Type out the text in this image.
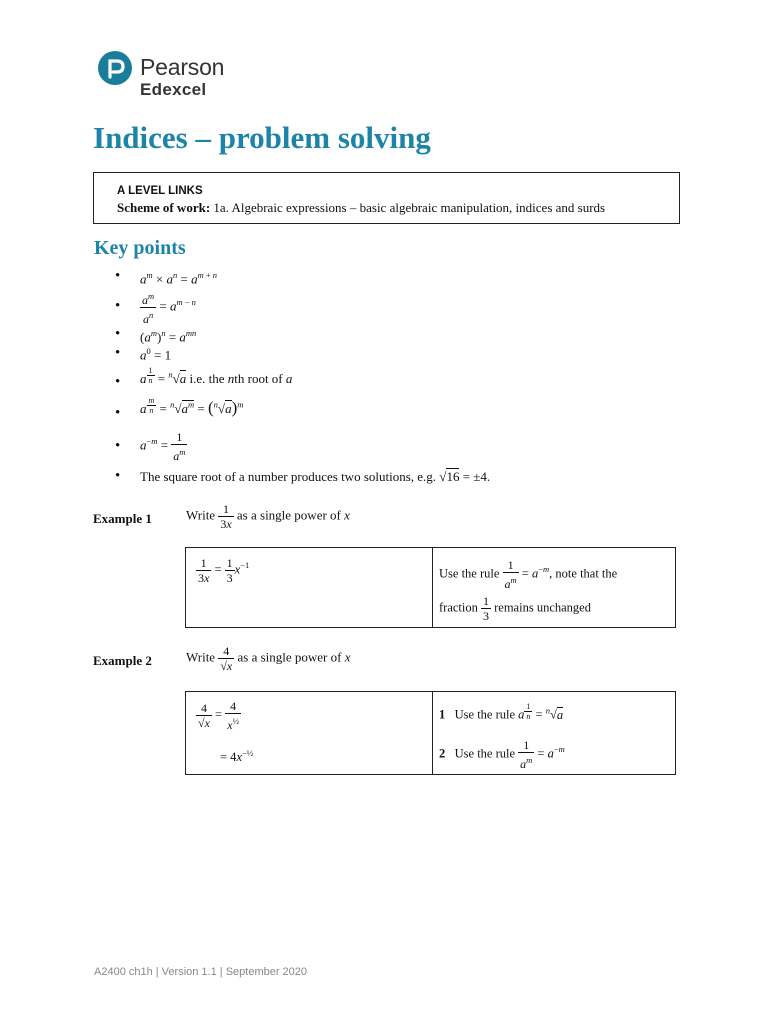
Pearson
Edexcel
Indices – problem solving
A LEVEL LINKS
Scheme of work: 1a. Algebraic expressions – basic algebraic manipulation, indices and surds
Key points
• $a^m \times a^n = a^{m + n}$
• $\frac{a^m}{a^n} = a^{m - n}$
• $(a^m)^n = a^{mn}$
• $a^0 = 1$
• a $^{\frac{1}{n}}$ = $^n$√a i.e. the nth root of a
• a $^{\frac{m}{n}} = ^n√a^m = (^n√a)^m$
• $a^{-m} = \frac{1}{a^m}$
• The square root of a number produces two solutions, e.g. √16 = ±4.
Example 1	Write $\frac{1}{3x}$ as a single power of x
$\frac{1}{3x} = \frac{1}{3} x^{-1}$
Use the rule $\frac{1}{a^m} = a^{-m}$, note that the
fraction $\frac{1}{3}$ remains unchanged
Example 2	Write $\frac{4}{√x}$ as a single power of x
$\frac{4}{√x} = \frac{4}{x^{\frac{1}{2}}}$
= $4x^{-\frac{1}{2}}$
1 Use the rule a $^{\frac{1}{n}}$ = $^n$√a
2 Use the rule $\frac{1}{a^m} = a^{-m}$
A2400 ch1h | Version 1.1 | September 2020
